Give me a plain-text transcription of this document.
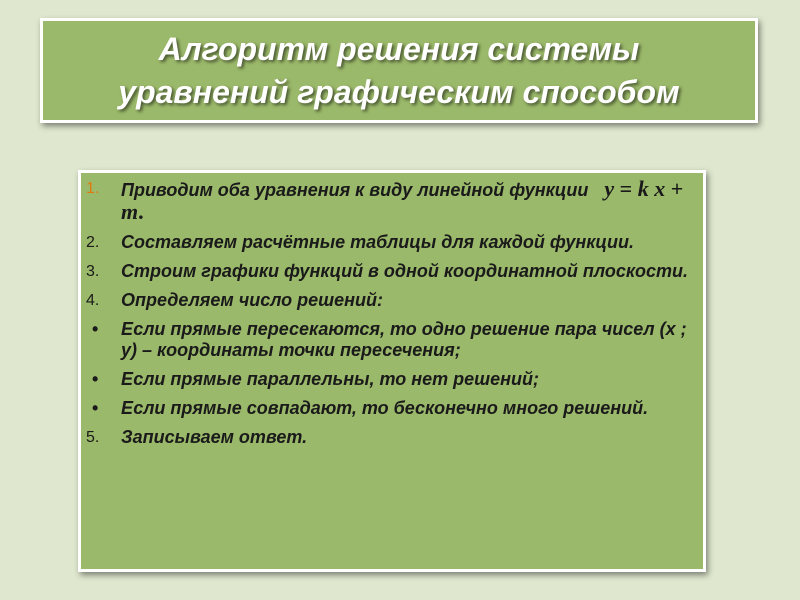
Алгоритм решения системы
уравнений графическим способом
1. Приводим оба уравнения к виду линейной функции y = k x + m.
2. Составляем расчётные таблицы для каждой функции.
3. Строим графики функций в одной координатной плоскости.
4. Определяем число решений:
• Если прямые пересекаются, то одно решение пара чисел (х ; у) – координаты точки пересечения;
• Если прямые параллельны, то нет решений;
• Если прямые совпадают, то бесконечно много решений.
5. Записываем ответ.
